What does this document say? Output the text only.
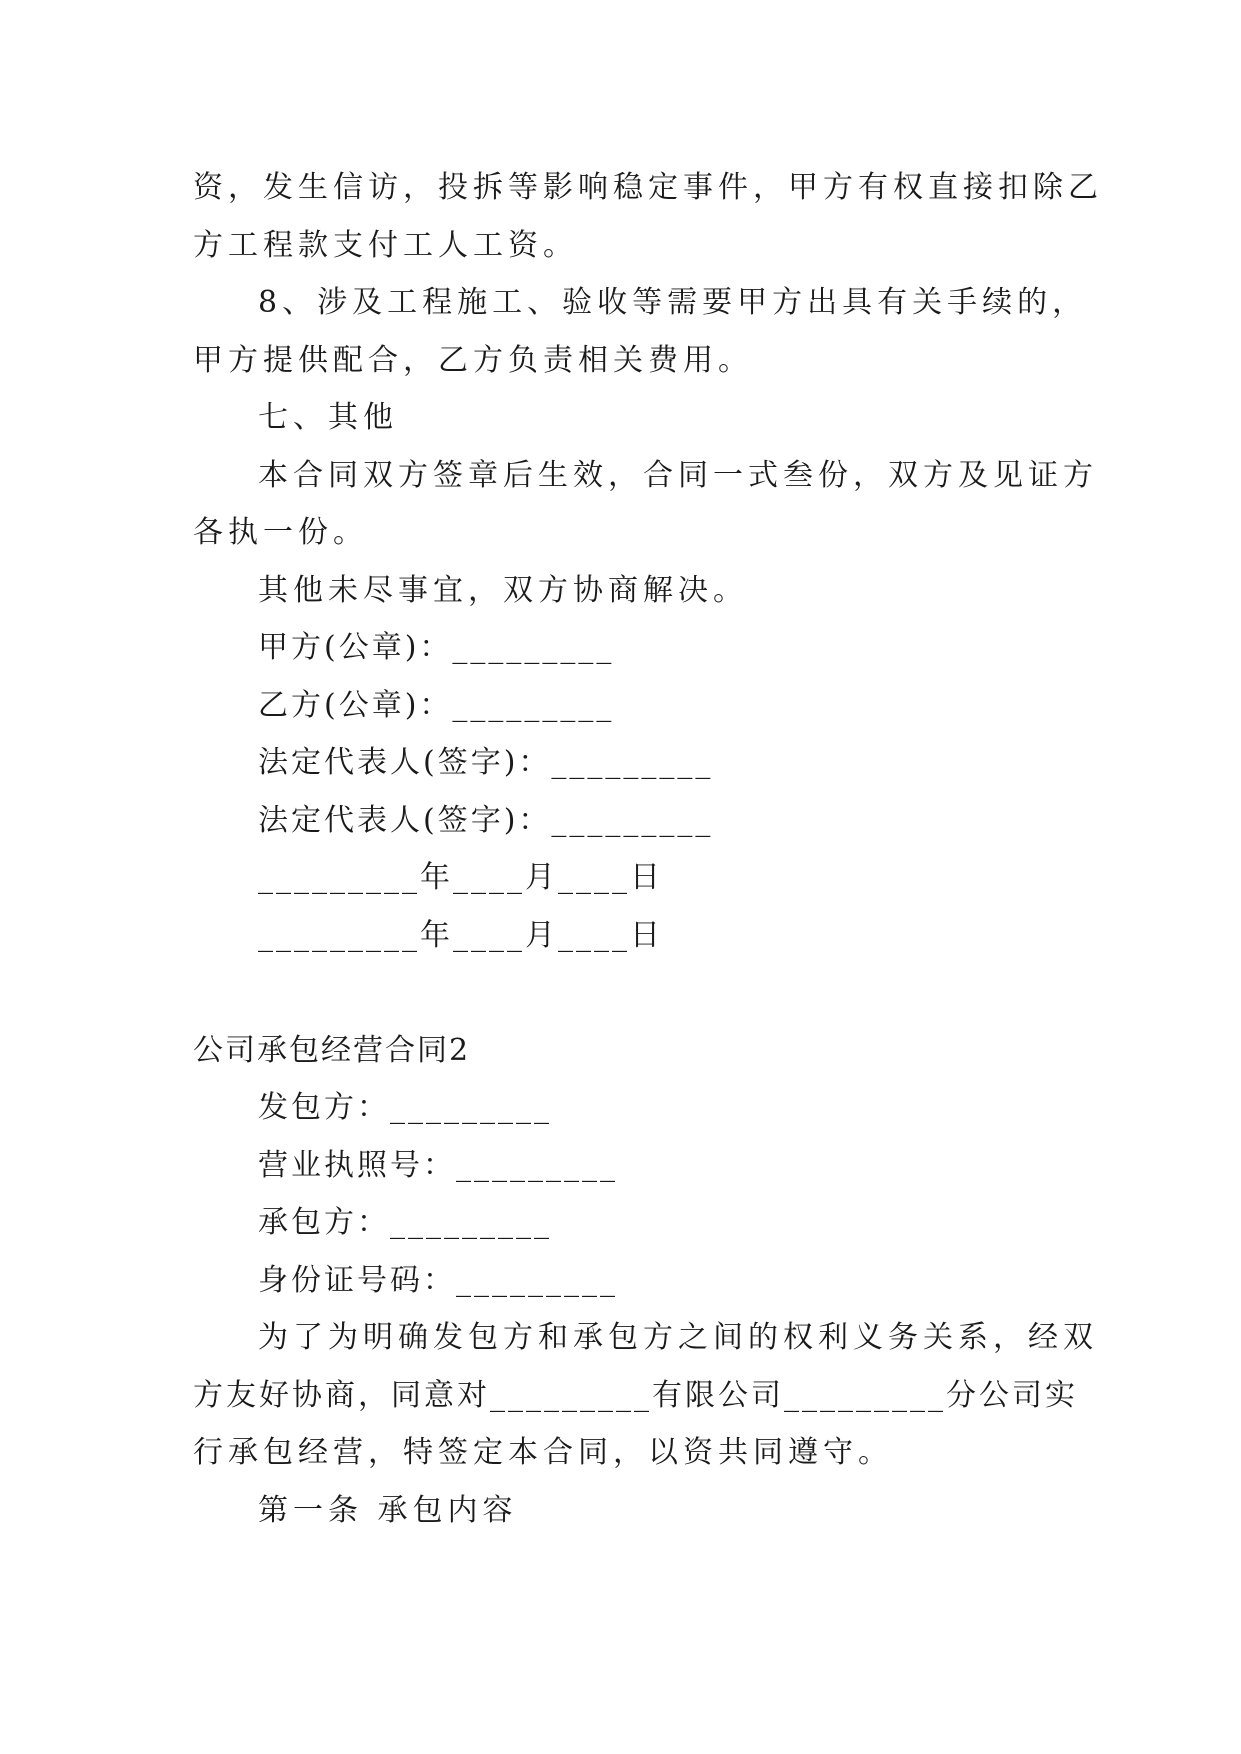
资，发生信访，投拆等影响稳定事件，甲方有权直接扣除乙
方工程款支付工人工资。
8、涉及工程施工、验收等需要甲方出具有关手续的，
甲方提供配合，乙方负责相关费用。
七、其他
本合同双方签章后生效，合同一式叁份，双方及见证方
各执一份。
其他未尽事宜，双方协商解决。
甲方(公章)：_________
乙方(公章)：_________
法定代表人(签字)：_________
法定代表人(签字)：_________
_________年____月____日
_________年____月____日
公司承包经营合同2
发包方：_________
营业执照号：_________
承包方：_________
身份证号码：_________
为了为明确发包方和承包方之间的权利义务关系，经双
方友好协商，同意对_________有限公司_________分公司实
行承包经营，特签定本合同，以资共同遵守。
第一条 承包内容
